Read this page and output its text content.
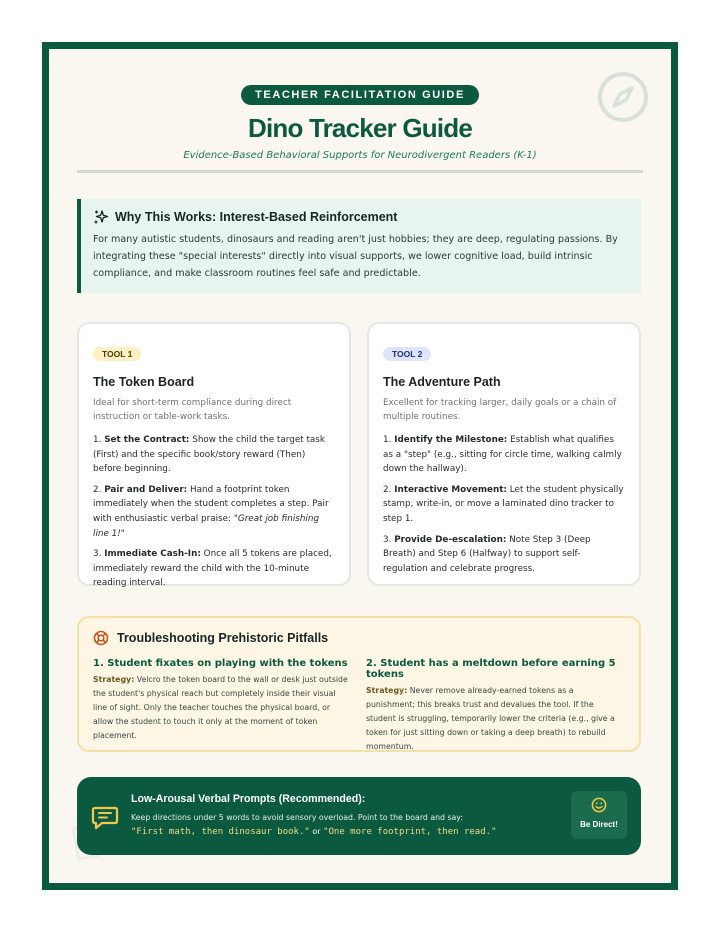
TEACHER FACILITATION GUIDE
Dino Tracker Guide
Evidence-Based Behavioral Supports for Neurodivergent Readers (K-1)
Why This Works: Interest-Based Reinforcement
For many autistic students, dinosaurs and reading aren't just hobbies; they are deep, regulating passions. By integrating these "special interests" directly into visual supports, we lower cognitive load, build intrinsic compliance, and make classroom routines feel safe and predictable.
TOOL 1
The Token Board
Ideal for short-term compliance during direct instruction or table-work tasks.
1. Set the Contract: Show the child the target task (First) and the specific book/story reward (Then) before beginning.
2. Pair and Deliver: Hand a footprint token immediately when the student completes a step. Pair with enthusiastic verbal praise: "Great job finishing line 1!"
3. Immediate Cash-In: Once all 5 tokens are placed, immediately reward the child with the 10-minute reading interval.
TOOL 2
The Adventure Path
Excellent for tracking larger, daily goals or a chain of multiple routines.
1. Identify the Milestone: Establish what qualifies as a "step" (e.g., sitting for circle time, walking calmly down the hallway).
2. Interactive Movement: Let the student physically stamp, write-in, or move a laminated dino tracker to step 1.
3. Provide De-escalation: Note Step 3 (Deep Breath) and Step 6 (Halfway) to support self-regulation and celebrate progress.
Troubleshooting Prehistoric Pitfalls
1. Student fixates on playing with the tokens
Strategy: Velcro the token board to the wall or desk just outside the student's physical reach but completely inside their visual line of sight. Only the teacher touches the physical board, or allow the student to touch it only at the moment of token placement.
2. Student has a meltdown before earning 5 tokens
Strategy: Never remove already-earned tokens as a punishment; this breaks trust and devalues the tool. If the student is struggling, temporarily lower the criteria (e.g., give a token for just sitting down or taking a deep breath) to rebuild momentum.
Low-Arousal Verbal Prompts (Recommended):
Keep directions under 5 words to avoid sensory overload. Point to the board and say:
"First math, then dinosaur book." or "One more footprint, then read."
Be Direct!
